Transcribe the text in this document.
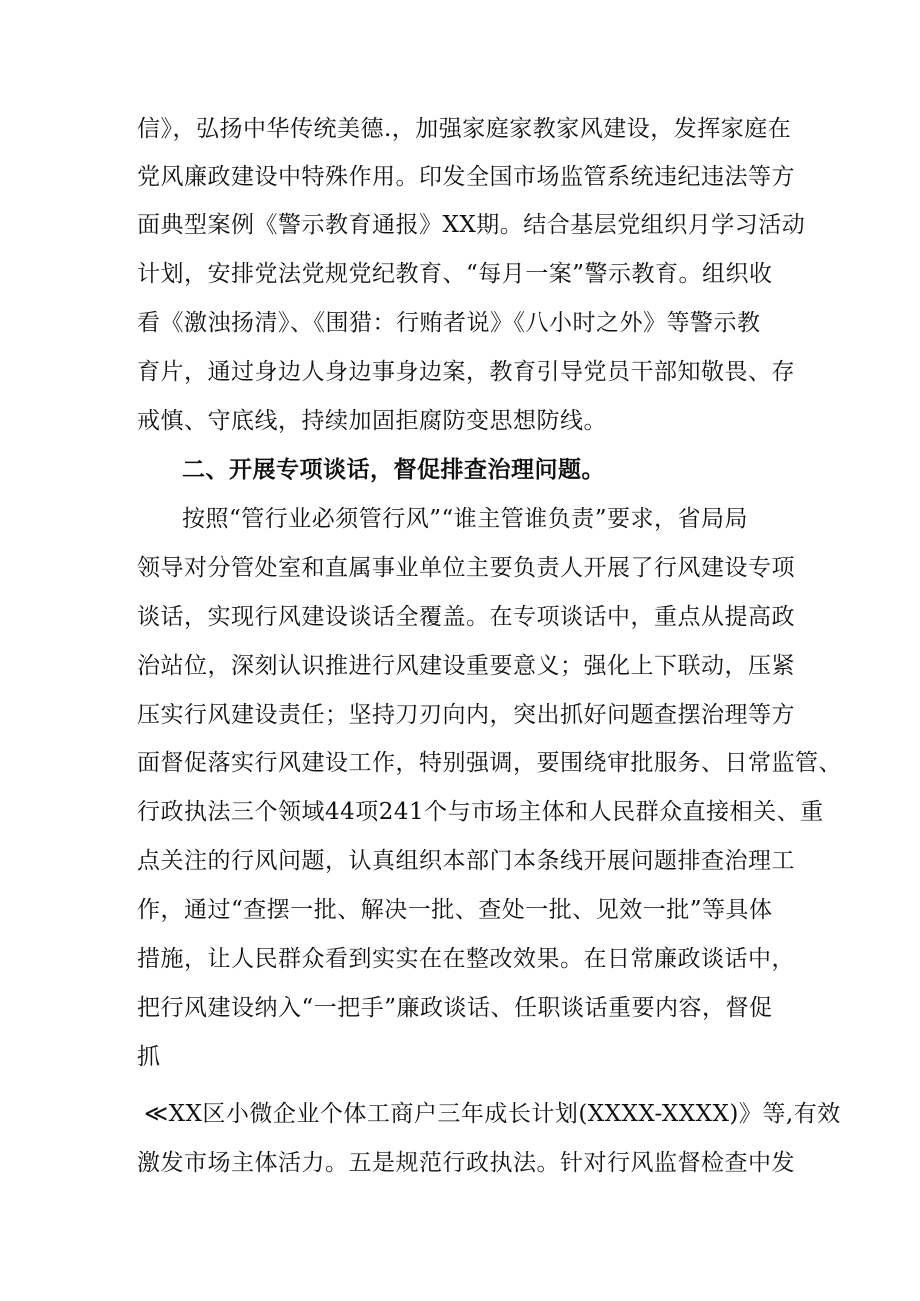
信》，弘扬中华传统美德.，加强家庭家教家风建设，发挥家庭在
党风廉政建设中特殊作用。印发全国市场监管系统违纪违法等方
面典型案例《警示教育通报》XX期。结合基层党组织月学习活动
计划，安排党法党规党纪教育、“每月一案”警示教育。组织收
看《激浊扬清》、《围猎：行贿者说》《八小时之外》等警示教
育片，通过身边人身边事身边案，教育引导党员干部知敬畏、存
戒慎、守底线，持续加固拒腐防变思想防线。
二、开展专项谈话，督促排查治理问题。
按照“管行业必须管行风”“谁主管谁负责”要求，省局局
领导对分管处室和直属事业单位主要负责人开展了行风建设专项
谈话，实现行风建设谈话全覆盖。在专项谈话中，重点从提高政
治站位，深刻认识推进行风建设重要意义；强化上下联动，压紧
压实行风建设责任；坚持刀刃向内，突出抓好问题查摆治理等方
面督促落实行风建设工作，特别强调，要围绕审批服务、日常监管、
行政执法三个领域44项241个与市场主体和人民群众直接相关、重
点关注的行风问题，认真组织本部门本条线开展问题排查治理工
作，通过“查摆一批、解决一批、查处一批、见效一批”等具体
措施，让人民群众看到实实在在整改效果。在日常廉政谈话中，
把行风建设纳入“一把手”廉政谈话、任职谈话重要内容，督促
抓
≪XX区小微企业个体工商户三年成长计划(XXXX-XXXX)》等,有效
激发市场主体活力。五是规范行政执法。针对行风监督检查中发
